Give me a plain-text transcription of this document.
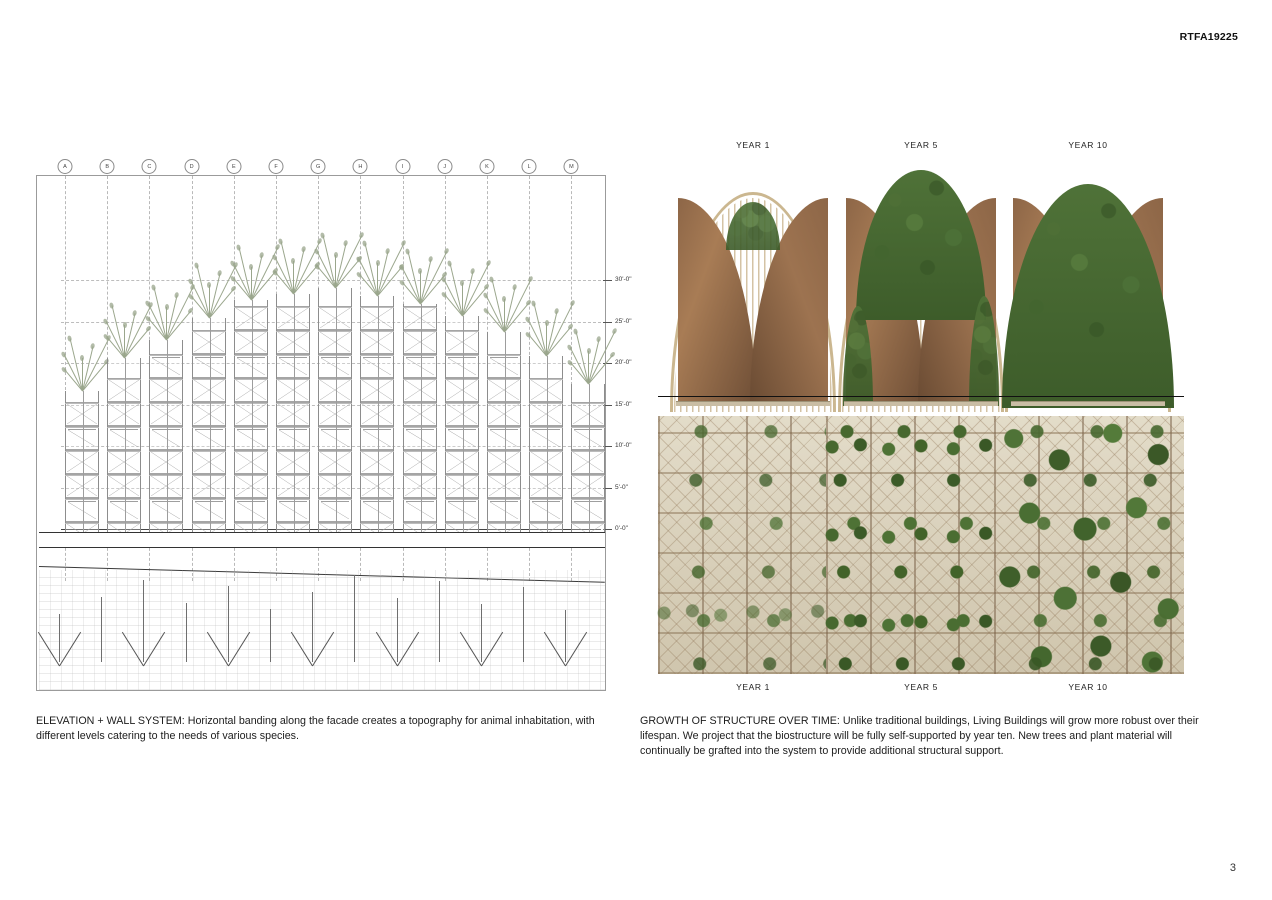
RTFA19225
3
A	B	C	D	E	F	G	H	I	J	K	L	M
30'-0"
25'-0"
20'-0"
15'-0"
10'-0"
5'-0"
0'-0"
ELEVATION + WALL SYSTEM: Horizontal banding along the facade creates a topography for animal inhabitation, with different levels catering to the needs of various species.
YEAR 1
YEAR 1
YEAR 5
YEAR 5
YEAR 10
YEAR 10
GROWTH OF STRUCTURE OVER TIME: Unlike traditional buildings, Living Buildings will grow more robust over their lifespan. We project that the biostructure will be fully self-supported by year ten. New trees and plant material will continually be grafted into the system to provide additional structural support.
